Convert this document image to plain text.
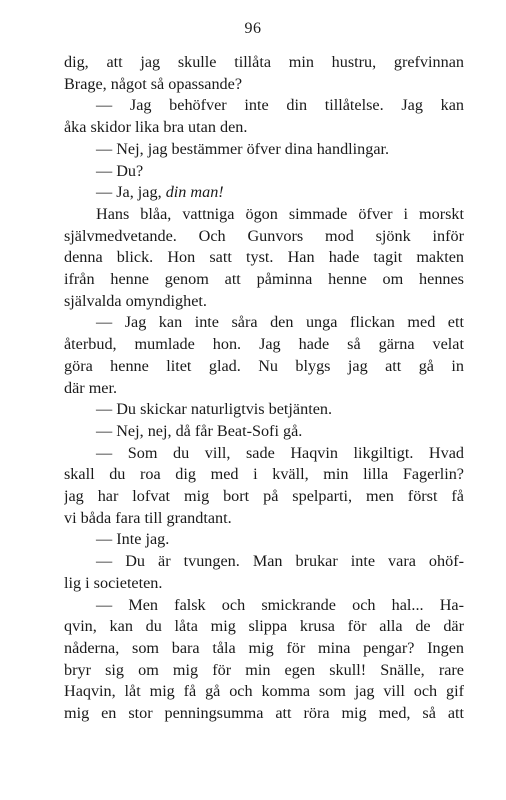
96
dig, att jag skulle tillåta min hustru, grefvinnan
Brage, något så opassande?
— Jag behöfver inte din tillåtelse. Jag kan
åka skidor lika bra utan den.
— Nej, jag bestämmer öfver dina handlingar.
— Du?
— Ja, jag, din man!
Hans blåa, vattniga ögon simmade öfver i morskt
självmedvetande. Och Gunvors mod sjönk inför
denna blick. Hon satt tyst. Han hade tagit makten
ifrån henne genom att påminna henne om hennes
självalda omyndighet.
— Jag kan inte såra den unga flickan med ett
återbud, mumlade hon. Jag hade så gärna velat
göra henne litet glad. Nu blygs jag att gå in
där mer.
— Du skickar naturligtvis betjänten.
— Nej, nej, då får Beat-Sofi gå.
— Som du vill, sade Haqvin likgiltigt. Hvad
skall du roa dig med i kväll, min lilla Fagerlin?
jag har lofvat mig bort på spelparti, men först få
vi båda fara till grandtant.
— Inte jag.
— Du är tvungen. Man brukar inte vara ohöf-
lig i societeten.
— Men falsk och smickrande och hal... Ha-
qvin, kan du låta mig slippa krusa för alla de där
nåderna, som bara tåla mig för mina pengar? Ingen
bryr sig om mig för min egen skull! Snälle, rare
Haqvin, låt mig få gå och komma som jag vill och gif
mig en stor penningsumma att röra mig med, så att
